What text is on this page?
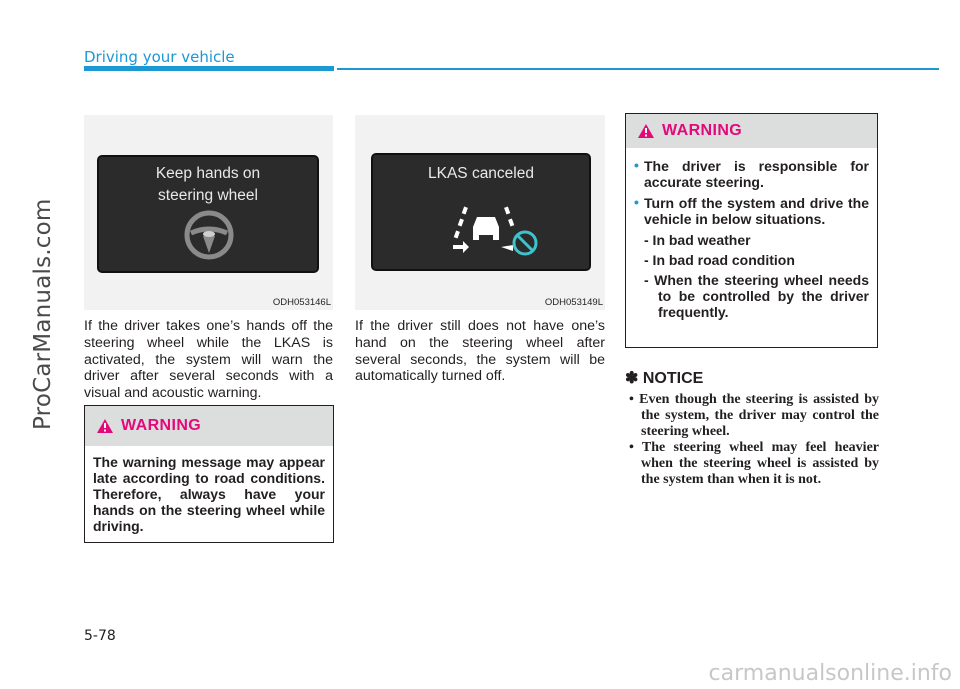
ProCarManuals.com
Driving your vehicle
Keep hands on
steering wheel
ODH053146L
LKAS canceled
ODH053149L
If the driver takes one’s hands off the steering wheel while the LKAS is activated, the system will warn the driver after several seconds with a visual and acoustic warning.
WARNING
The warning message may appear late according to road conditions. Therefore, always have your hands on the steering wheel while driving.
If the driver still does not have one’s hand on the steering wheel after several seconds, the system will be automatically turned off.
WARNING
• The driver is responsible for accurate steering.
• Turn off the system and drive the vehicle in below situations.
- In bad weather
- In bad road condition
- When the steering wheel needs to be controlled by the driver frequently.
✽ NOTICE
• Even though the steering is assisted by the system, the driver may control the steering wheel.
• The steering wheel may feel heavier when the steering wheel is assisted by the system than when it is not.
5-78
carmanualsonline.info
